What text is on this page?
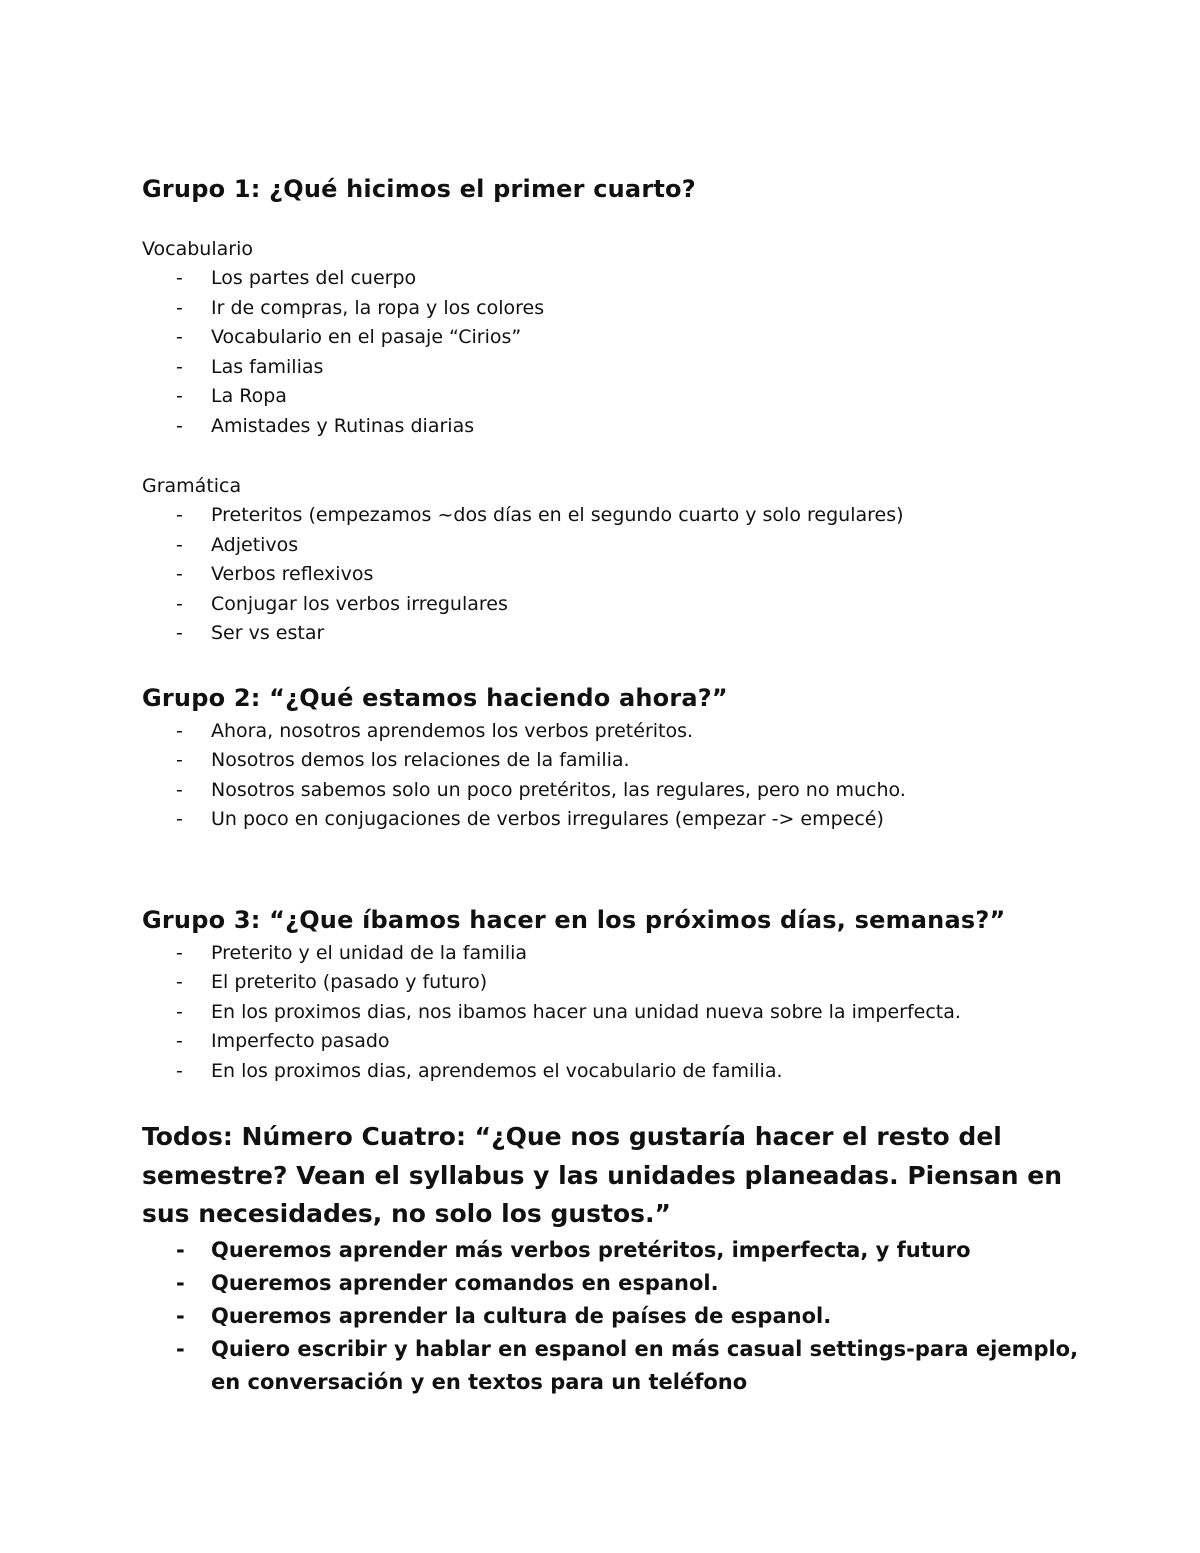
Grupo 1: ¿Qué hicimos el primer cuarto?

Vocabulario

- Los partes del cuerpo
- Ir de compras, la ropa y los colores
- Vocabulario en el pasaje “Cirios”
- Las familias
- La Ropa
- Amistades y Rutinas diarias

Gramática

- Preteritos (empezamos ~dos días en el segundo cuarto y solo regulares)
- Adjetivos
- Verbos reflexivos
- Conjugar los verbos irregulares
- Ser vs estar
Grupo 2: “¿Qué estamos haciendo ahora?”
- Ahora, nosotros aprendemos los verbos pretéritos.
- Nosotros demos los relaciones de la familia.
- Nosotros sabemos solo un poco pretéritos, las regulares, pero no mucho.
- Un poco en conjugaciones de verbos irregulares (empezar -> empecé)
Grupo 3: “¿Que íbamos hacer en los próximos días, semanas?”
- Preterito y el unidad de la familia
- El preterito (pasado y futuro)
- En los proximos dias, nos ibamos hacer una unidad nueva sobre la imperfecta.
- Imperfecto pasado
- En los proximos dias, aprendemos el vocabulario de familia.

Todos: Número Cuatro: “¿Que nos gustaría hacer el resto del semestre? Vean el syllabus y las unidades planeadas. Piensan en sus necesidades, no solo los gustos.”

- Queremos aprender más verbos pretéritos, imperfecta, y futuro
- Queremos aprender comandos en espanol.
- Queremos aprender la cultura de países de espanol.
- Quiero escribir y hablar en espanol en más casual settings-para ejemplo, en conversación y en textos para un teléfono
